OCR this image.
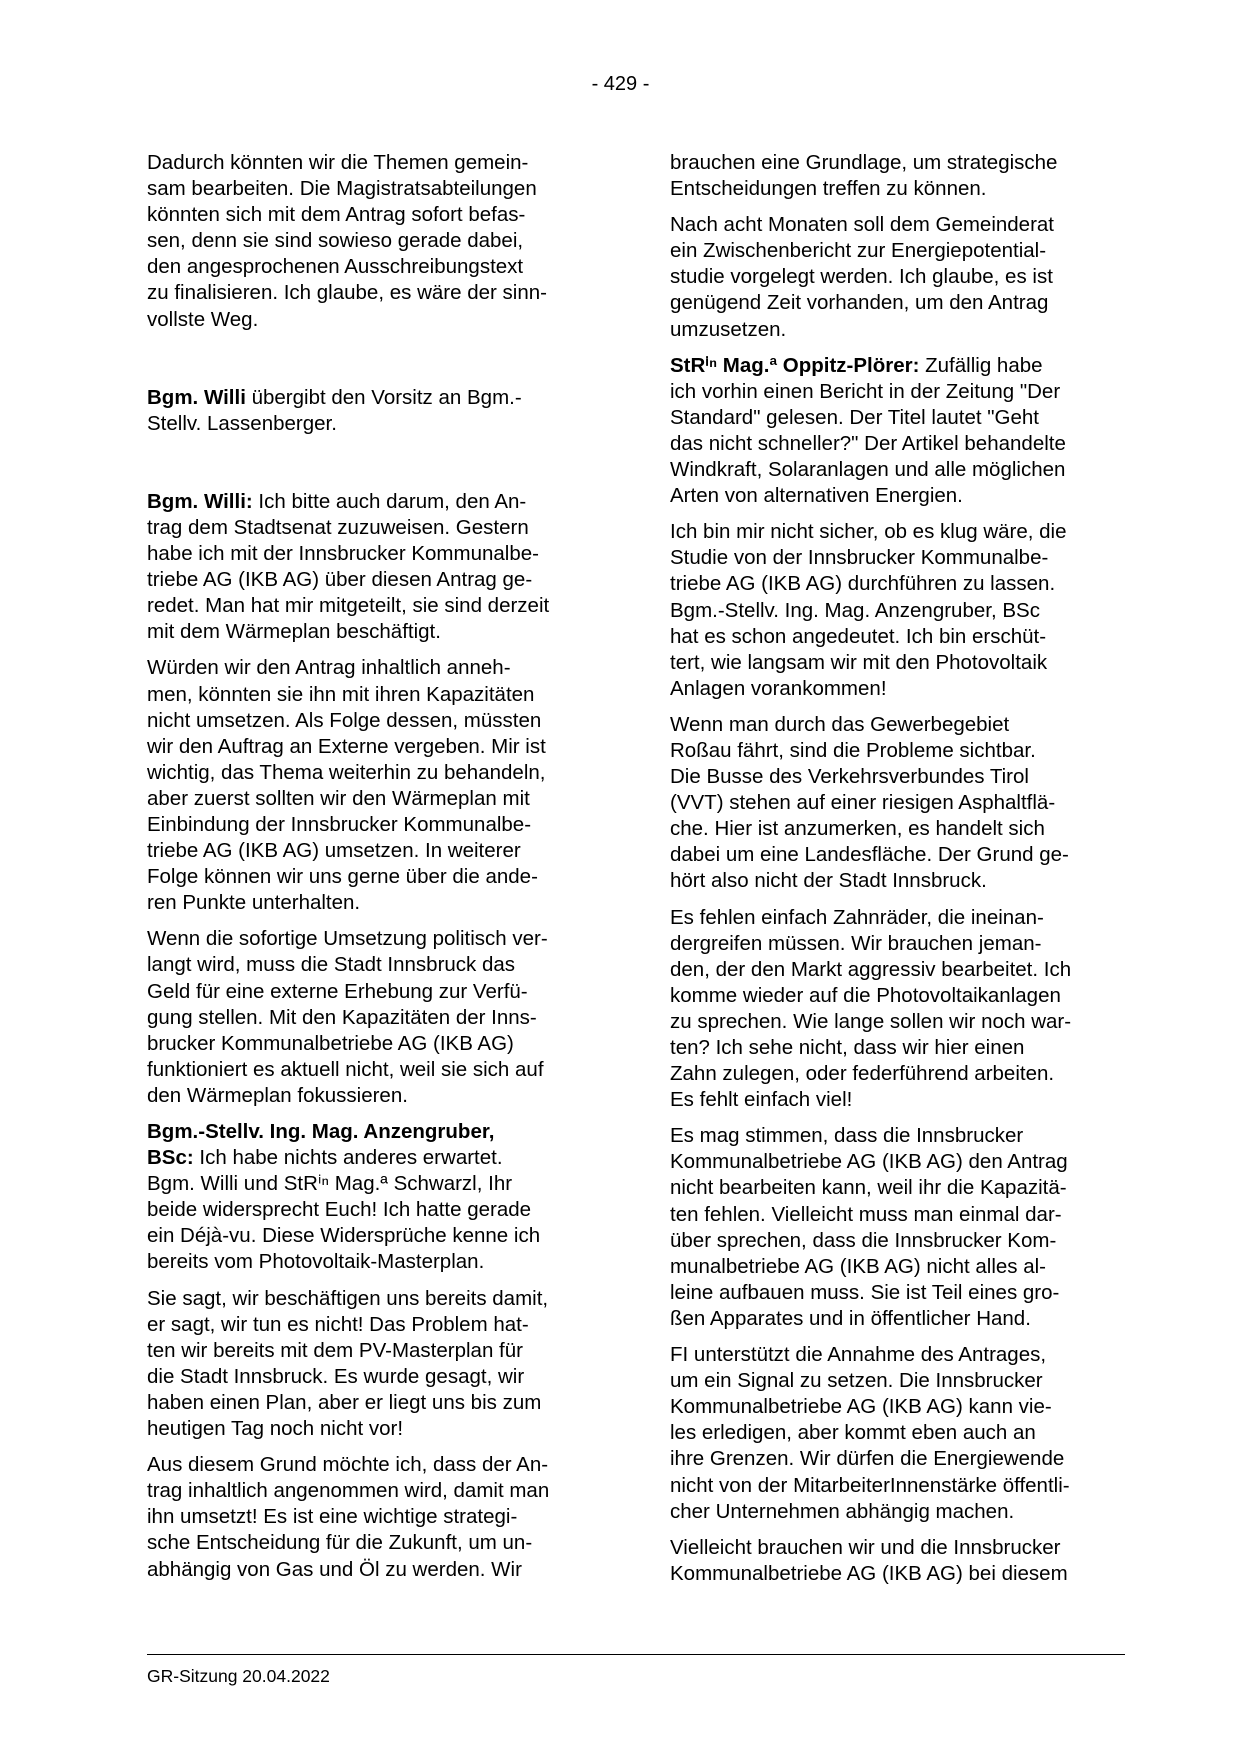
- 429 -

Dadurch könnten wir die Themen gemein-
sam bearbeiten. Die Magistratsabteilungen
könnten sich mit dem Antrag sofort befas-
sen, denn sie sind sowieso gerade dabei,
den angesprochenen Ausschreibungstext
zu finalisieren. Ich glaube, es wäre der sinn-
vollste Weg.

Bgm. Willi übergibt den Vorsitz an Bgm.-
Stellv. Lassenberger.

Bgm. Willi: Ich bitte auch darum, den An-
trag dem Stadtsenat zuzuweisen. Gestern
habe ich mit der Innsbrucker Kommunalbe-
triebe AG (IKB AG) über diesen Antrag ge-
redet. Man hat mir mitgeteilt, sie sind derzeit
mit dem Wärmeplan beschäftigt.

Würden wir den Antrag inhaltlich anneh-
men, könnten sie ihn mit ihren Kapazitäten
nicht umsetzen. Als Folge dessen, müssten
wir den Auftrag an Externe vergeben. Mir ist
wichtig, das Thema weiterhin zu behandeln,
aber zuerst sollten wir den Wärmeplan mit
Einbindung der Innsbrucker Kommunalbe-
triebe AG (IKB AG) umsetzen. In weiterer
Folge können wir uns gerne über die ande-
ren Punkte unterhalten.

Wenn die sofortige Umsetzung politisch ver-
langt wird, muss die Stadt Innsbruck das
Geld für eine externe Erhebung zur Verfü-
gung stellen. Mit den Kapazitäten der Inns-
brucker Kommunalbetriebe AG (IKB AG)
funktioniert es aktuell nicht, weil sie sich auf
den Wärmeplan fokussieren.

Bgm.-Stellv. Ing. Mag. Anzengruber,
BSc: Ich habe nichts anderes erwartet.
Bgm. Willi und StRⁱⁿ Mag.ª Schwarzl, Ihr
beide widersprecht Euch! Ich hatte gerade
ein Déjà-vu. Diese Widersprüche kenne ich
bereits vom Photovoltaik-Masterplan.

Sie sagt, wir beschäftigen uns bereits damit,
er sagt, wir tun es nicht! Das Problem hat-
ten wir bereits mit dem PV-Masterplan für
die Stadt Innsbruck. Es wurde gesagt, wir
haben einen Plan, aber er liegt uns bis zum
heutigen Tag noch nicht vor!

Aus diesem Grund möchte ich, dass der An-
trag inhaltlich angenommen wird, damit man
ihn umsetzt! Es ist eine wichtige strategi-
sche Entscheidung für die Zukunft, um un-
abhängig von Gas und Öl zu werden. Wir

brauchen eine Grundlage, um strategische
Entscheidungen treffen zu können.

Nach acht Monaten soll dem Gemeinderat
ein Zwischenbericht zur Energiepotential-
studie vorgelegt werden. Ich glaube, es ist
genügend Zeit vorhanden, um den Antrag
umzusetzen.

StRⁱⁿ Mag.ª Oppitz-Plörer: Zufällig habe
ich vorhin einen Bericht in der Zeitung "Der
Standard" gelesen. Der Titel lautet "Geht
das nicht schneller?" Der Artikel behandelte
Windkraft, Solaranlagen und alle möglichen
Arten von alternativen Energien.

Ich bin mir nicht sicher, ob es klug wäre, die
Studie von der Innsbrucker Kommunalbe-
triebe AG (IKB AG) durchführen zu lassen.
Bgm.-Stellv. Ing. Mag. Anzengruber, BSc
hat es schon angedeutet. Ich bin erschüt-
tert, wie langsam wir mit den Photovoltaik
Anlagen vorankommen!

Wenn man durch das Gewerbegebiet
Roßau fährt, sind die Probleme sichtbar.
Die Busse des Verkehrsverbundes Tirol
(VVT) stehen auf einer riesigen Asphaltflä-
che. Hier ist anzumerken, es handelt sich
dabei um eine Landesfläche. Der Grund ge-
hört also nicht der Stadt Innsbruck.

Es fehlen einfach Zahnräder, die ineinan-
dergreifen müssen. Wir brauchen jeman-
den, der den Markt aggressiv bearbeitet. Ich
komme wieder auf die Photovoltaikanlagen
zu sprechen. Wie lange sollen wir noch war-
ten? Ich sehe nicht, dass wir hier einen
Zahn zulegen, oder federführend arbeiten.
Es fehlt einfach viel!

Es mag stimmen, dass die Innsbrucker
Kommunalbetriebe AG (IKB AG) den Antrag
nicht bearbeiten kann, weil ihr die Kapazitä-
ten fehlen. Vielleicht muss man einmal dar-
über sprechen, dass die Innsbrucker Kom-
munalbetriebe AG (IKB AG) nicht alles al-
leine aufbauen muss. Sie ist Teil eines gro-
ßen Apparates und in öffentlicher Hand.

FI unterstützt die Annahme des Antrages,
um ein Signal zu setzen. Die Innsbrucker
Kommunalbetriebe AG (IKB AG) kann vie-
les erledigen, aber kommt eben auch an
ihre Grenzen. Wir dürfen die Energiewende
nicht von der MitarbeiterInnenstärke öffentli-
cher Unternehmen abhängig machen.

Vielleicht brauchen wir und die Innsbrucker
Kommunalbetriebe AG (IKB AG) bei diesem

GR-Sitzung 20.04.2022
